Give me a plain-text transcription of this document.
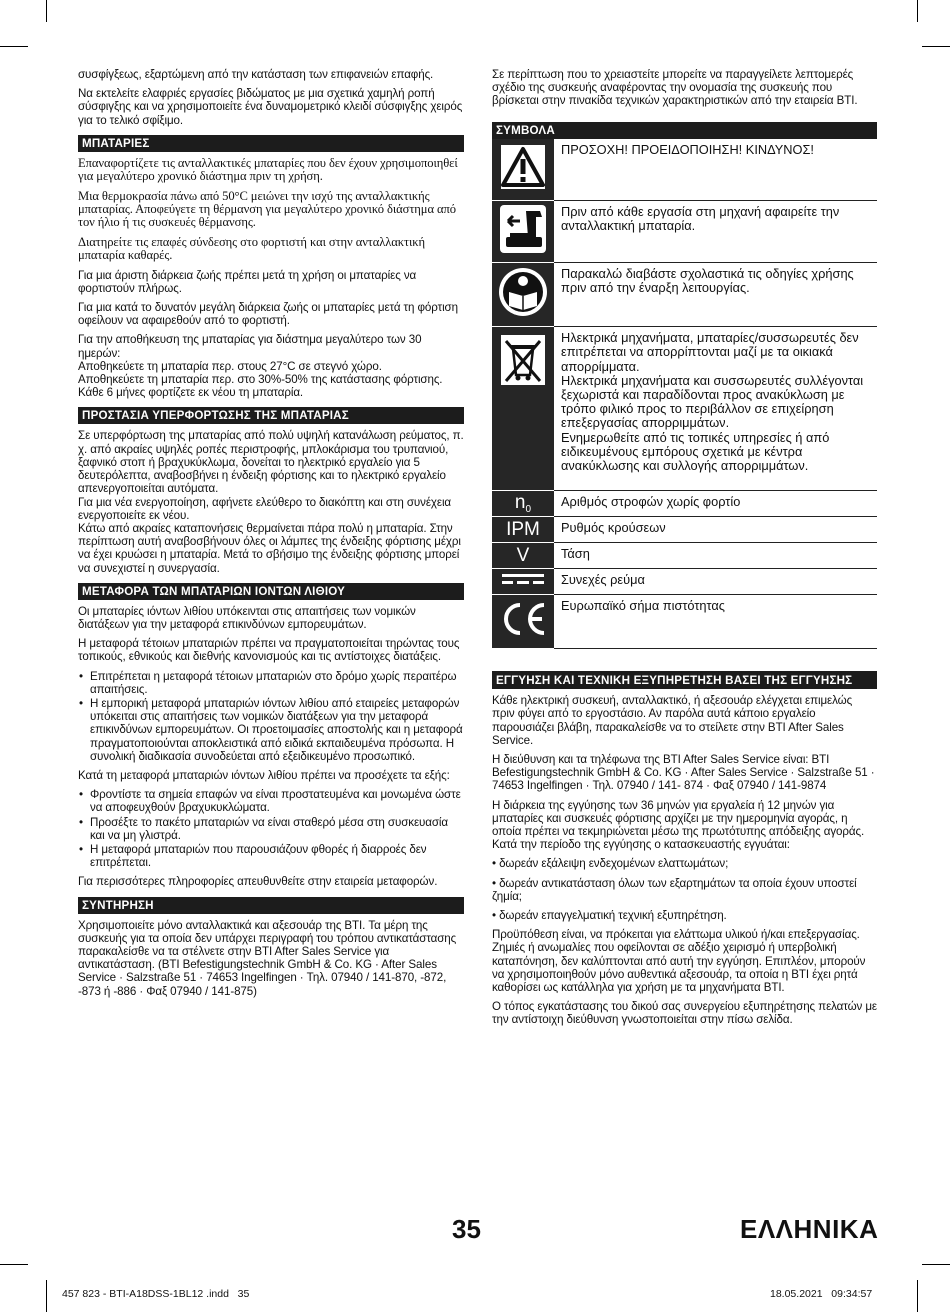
συσφίγξεως, εξαρτώμενη από την κατάσταση των επιφανειών επαφής.

Να εκτελείτε ελαφριές εργασίες βιδώματος με μια σχετικά χαμηλή ροπή σύσφιγξης και να χρησιμοποιείτε ένα δυναμομετρικό κλειδί σύσφιγξης χειρός για το τελικό σφίξιμο.

ΜΠΑΤΑΡΙΕΣ

Επαναφορτίζετε τις ανταλλακτικές μπαταρίες που δεν έχουν χρησιμοποιηθεί για μεγαλύτερο χρονικό διάστημα πριν τη χρήση.

Μια θερμοκρασία πάνω από 50°C μειώνει την ισχύ της ανταλλακτικής μπαταρίας. Αποφεύγετε τη θέρμανση για μεγαλύτερο χρονικό διάστημα από τον ήλιο ή τις συσκευές θέρμανσης.

Διατηρείτε τις επαφές σύνδεσης στο φορτιστή και στην ανταλλακτική μπαταρία καθαρές.

Για μια άριστη διάρκεια ζωής πρέπει μετά τη χρήση οι μπαταρίες να φορτιστούν πλήρως.

Για μια κατά το δυνατόν μεγάλη διάρκεια ζωής οι μπαταρίες μετά τη φόρτιση οφείλουν να αφαιρεθούν από το φορτιστή.

Για την αποθήκευση της μπαταρίας για διάστημα μεγαλύτερο των 30 ημερών:

Αποθηκεύετε τη μπαταρία περ. στους 27°C σε στεγνό χώρο.

Αποθηκεύετε τη μπαταρία περ. στο 30%-50% της κατάστασης φόρτισης.

Κάθε 6 μήνες φορτίζετε εκ νέου τη μπαταρία.

ΠΡΟΣΤΑΣΙΑ ΥΠΕΡΦΟΡΤΩΣΗΣ ΤΗΣ ΜΠΑΤΑΡΙΑΣ

Σε υπερφόρτωση της μπαταρίας από πολύ υψηλή κατανάλωση ρεύματος, π. χ. από ακραίες υψηλές ροπές περιστροφής, μπλοκάρισμα του τρυπανιού, ξαφνικό στοπ ή βραχυκύκλωμα, δονείται το ηλεκτρικό εργαλείο για 5 δευτερόλεπτα, αναβοσβήνει η ένδειξη φόρτισης και το ηλεκτρικό εργαλείο απενεργοποιείται αυτόματα.

Για μια νέα ενεργοποίηση, αφήνετε ελεύθερο το διακόπτη και στη συνέχεια ενεργοποιείτε εκ νέου.

Κάτω από ακραίες καταπονήσεις θερμαίνεται πάρα πολύ η μπαταρία. Στην περίπτωση αυτή αναβοσβήνουν όλες οι λάμπες της ένδειξης φόρτισης μέχρι να έχει κρυώσει η μπαταρία. Μετά το σβήσιμο της ένδειξης φόρτισης μπορεί να συνεχιστεί η συνεργασία.

ΜΕΤΑΦΟΡΑ ΤΩΝ ΜΠΑΤΑΡΙΩΝ ΙΟΝΤΩΝ ΛΙΘΙΟΥ

Οι μπαταρίες ιόντων λιθίου υπόκεινται στις απαιτήσεις των νομικών διατάξεων για την μεταφορά επικινδύνων εμπορευμάτων.

Η μεταφορά τέτοιων μπαταριών πρέπει να πραγματοποιείται τηρώντας τους τοπικούς, εθνικούς και διεθνής κανονισμούς και τις αντίστοιχες διατάξεις.

• Επιτρέπεται η μεταφορά τέτοιων μπαταριών στο δρόμο χωρίς περαιτέρω απαιτήσεις.
• Η εμπορική μεταφορά μπαταριών ιόντων λιθίου από εταιρείες μεταφορών υπόκειται στις απαιτήσεις των νομικών διατάξεων για την μεταφορά επικινδύνων εμπορευμάτων. Οι προετοιμασίες αποστολής και η μεταφορά πραγματοποιούνται αποκλειστικά από ειδικά εκπαιδευμένα πρόσωπα. Η συνολική διαδικασία συνοδεύεται από εξειδικευμένο προσωπικό.

Κατά τη μεταφορά μπαταριών ιόντων λιθίου πρέπει να προσέχετε τα εξής:

• Φροντίστε τα σημεία επαφών να είναι προστατευμένα και μονωμένα ώστε να αποφευχθούν βραχυκυκλώματα.
• Προσέξτε το πακέτο μπαταριών να είναι σταθερό μέσα στη συσκευασία και να μη γλιστρά.
• Η μεταφορά μπαταριών που παρουσιάζουν φθορές ή διαρροές δεν επιτρέπεται.

Για περισσότερες πληροφορίες απευθυνθείτε στην εταιρεία μεταφορών.

ΣΥΝΤΗΡΗΣΗ

Χρησιμοποιείτε μόνο ανταλλακτικά και αξεσουάρ της BTI. Τα μέρη της συσκευής για τα οποία δεν υπάρχει περιγραφή του τρόπου αντικατάστασης παρακαλείσθε να τα στέλνετε στην BTI After Sales Service για αντικατάσταση. (BTI Befestigungstechnik GmbH & Co. KG · After Sales Service · Salzstraße 51 · 74653 Ingelfingen · Τηλ. 07940 / 141-870, -872, -873 ή -886 · Φαξ 07940 / 141-875)

Σε περίπτωση που το χρειαστείτε μπορείτε να παραγγείλετε λεπτομερές σχέδιο της συσκευής αναφέροντας την ονομασία της συσκευής που βρίσκεται στην πινακίδα τεχνικών χαρακτηριστικών από την εταιρεία BTI.

ΣΥΜΒΟΛΑ
	ΠΡΟΣΟΧΗ! ΠΡΟΕΙΔΟΠΟΙΗΣΗ! ΚΙΝΔΥΝΟΣ!
	Πριν από κάθε εργασία στη μηχανή αφαιρείτε την ανταλλακτική μπαταρία.
	Παρακαλώ διαβάστε σχολαστικά τις οδηγίες χρήσης πριν από την έναρξη λειτουργίας.
	Ηλεκτρικά μηχανήματα, μπαταρίες/συσσωρευτές δεν επιτρέπεται να απορρίπτονται μαζί με τα οικιακά απορρίμματα.
Ηλεκτρικά μηχανήματα και συσσωρευτές συλλέγονται ξεχωριστά και παραδίδονται προς ανακύκλωση με τρόπο φιλικό προς το περιβάλλον σε επιχείρηση επεξεργασίας απορριμμάτων.
Ενημερωθείτε από τις τοπικές υπηρεσίες ή από ειδικευμένους εμπόρους σχετικά με κέντρα ανακύκλωσης και συλλογής απορριμμάτων.
$n_0$	Αριθμός στροφών χωρίς φορτίο
IPM	Ρυθμός κρούσεων
V	Τάση
	Συνεχές ρεύμα
	Ευρωπαϊκό σήμα πιστότητας
ΕΓΓΥΗΣΗ ΚΑΙ ΤΕΧΝΙΚΗ ΕΞΥΠΗΡΕΤΗΣΗ ΒΑΣΕΙ ΤΗΣ ΕΓΓΥΗΣΗΣ

Κάθε ηλεκτρική συσκευή, ανταλλακτικό, ή αξεσουάρ ελέγχεται επιμελώς πριν φύγει από το εργοστάσιο. Αν παρόλα αυτά κάποιο εργαλείο παρουσιάζει βλάβη, παρακαλείσθε να το στείλετε στην BTI After Sales Service.

Η διεύθυνση και τα τηλέφωνα της BTI After Sales Service είναι: BTI Befestigungstechnik GmbH & Co. KG · After Sales Service · Salzstraße 51 · 74653 Ingelfingen · Τηλ. 07940 / 141- 874 · Φαξ 07940 / 141-9874

Η διάρκεια της εγγύησης των 36 μηνών για εργαλεία ή 12 μηνών για μπαταρίες και συσκευές φόρτισης αρχίζει με την ημερομηνία αγοράς, η οποία πρέπει να τεκμηριώνεται μέσω της πρωτότυπης απόδειξης αγοράς. Κατά την περίοδο της εγγύησης ο κατασκευαστής εγγυάται:

• δωρεάν εξάλειψη ενδεχομένων ελαττωμάτων;

• δωρεάν αντικατάσταση όλων των εξαρτημάτων τα οποία έχουν υποστεί ζημία;

• δωρεάν επαγγελματική τεχνική εξυπηρέτηση.

Προϋπόθεση είναι, να πρόκειται για ελάττωμα υλικού ή/και επεξεργασίας. Ζημιές ή ανωμαλίες που οφείλονται σε αδέξιο χειρισμό ή υπερβολική καταπόνηση, δεν καλύπτονται από αυτή την εγγύηση. Επιπλέον, μπορούν να χρησιμοποιηθούν μόνο αυθεντικά αξεσουάρ, τα οποία η BTI έχει ρητά καθορίσει ως κατάλληλα για χρήση με τα μηχανήματα BTI.

Ο τόπος εγκατάστασης του δικού σας συνεργείου εξυπηρέτησης πελατών με την αντίστοιχη διεύθυνση γνωστοποιείται στην πίσω σελίδα.

35	ΕΛΛΗΝΙΚΑ
457 823 - BTI-A18DSS-1BL12 .indd   35	18.05.2021   09:34:57
